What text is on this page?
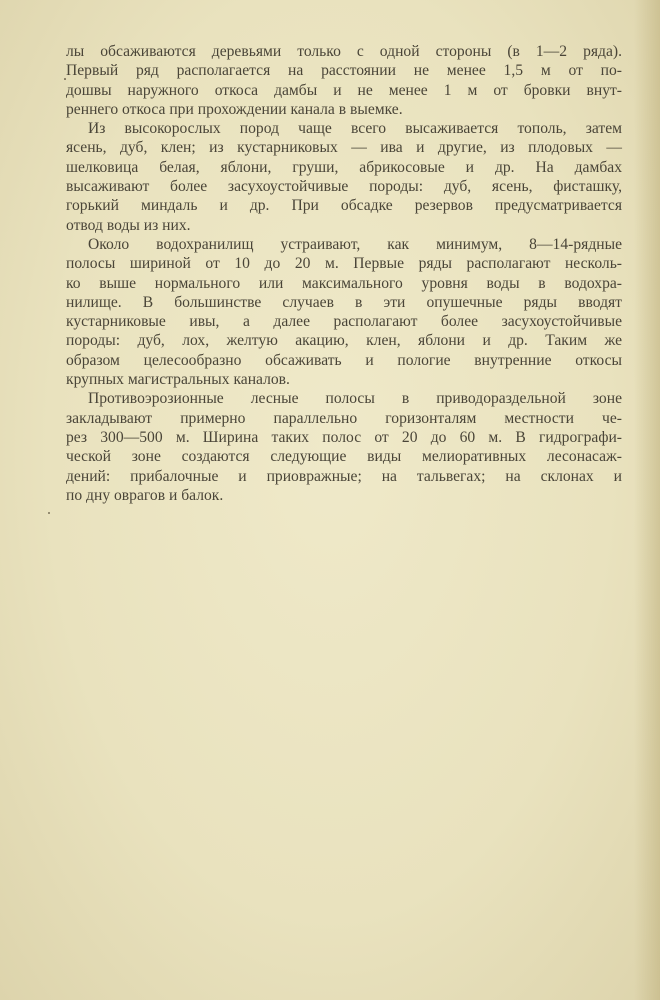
лы обсаживаются деревьями только с одной стороны (в 1—2 ряда).
Первый ряд располагается на расстоянии не менее 1,5 м от по-
дошвы наружного откоса дамбы и не менее 1 м от бровки внут-
реннего откоса при прохождении канала в выемке.
Из высокорослых пород чаще всего высаживается тополь, затем
ясень, дуб, клен; из кустарниковых — ива и другие, из плодовых —
шелковица белая, яблони, груши, абрикосовые и др. На дамбах
высаживают более засухоустойчивые породы: дуб, ясень, фисташку,
горький миндаль и др. При обсадке резервов предусматривается
отвод воды из них.
Около водохранилищ устраивают, как минимум, 8—14-рядные
полосы шириной от 10 до 20 м. Первые ряды располагают несколь-
ко выше нормального или максимального уровня воды в водохра-
нилище. В большинстве случаев в эти опушечные ряды вводят
кустарниковые ивы, а далее располагают более засухоустойчивые
породы: дуб, лох, желтую акацию, клен, яблони и др. Таким же
образом целесообразно обсаживать и пологие внутренние откосы
крупных магистральных каналов.
Противоэрозионные лесные полосы в приводораздельной зоне
закладывают примерно параллельно горизонталям местности че-
рез 300—500 м. Ширина таких полос от 20 до 60 м. В гидрографи-
ческой зоне создаются следующие виды мелиоративных лесонасаж-
дений: прибалочные и приовражные; на тальвегах; на склонах и
по дну оврагов и балок.
